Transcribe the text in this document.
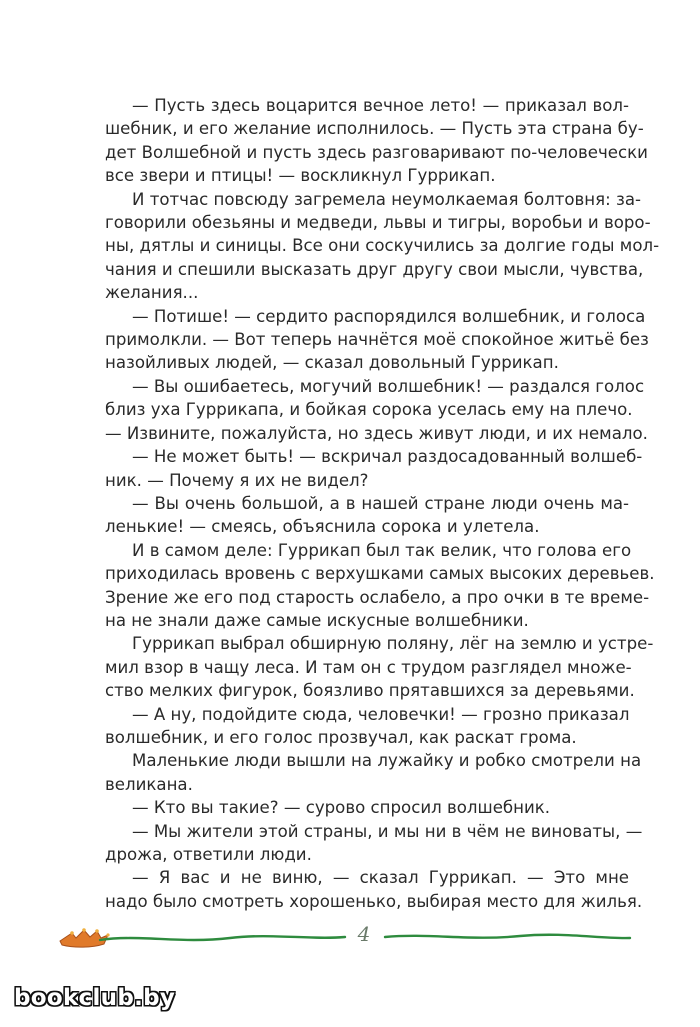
— Пусть здесь воцарится вечное лето! — приказал вол-
шебник, и его желание исполнилось. — Пусть эта страна бу-
дет Волшебной и пусть здесь разговаривают по-человечески
все звери и птицы! — воскликнул Гуррикап.

И тотчас повсюду загремела неумолкаемая болтовня: за-
говорили обезьяны и медведи, львы и тигры, воробьи и воро-
ны, дятлы и синицы. Все они соскучились за долгие годы мол-
чания и спешили высказать друг другу свои мысли, чувства,
желания...

— Потише! — сердито распорядился волшебник, и голоса
примолкли. — Вот теперь начнётся моё спокойное житьё без
назойливых людей, — сказал довольный Гуррикап.

— Вы ошибаетесь, могучий волшебник! — раздался голос
близ уха Гуррикапа, и бойкая сорока уселась ему на плечо.
— Извините, пожалуйста, но здесь живут люди, и их немало.

— Не может быть! — вскричал раздосадованный волшеб-
ник. — Почему я их не видел?

— Вы очень большой, а в нашей стране люди очень ма-
ленькие! — смеясь, объяснила сорока и улетела.

И в самом деле: Гуррикап был так велик, что голова его
приходилась вровень с верхушками самых высоких деревьев.
Зрение же его под старость ослабело, а про очки в те време-
на не знали даже самые искусные волшебники.

Гуррикап выбрал обширную поляну, лёг на землю и устре-
мил взор в чащу леса. И там он с трудом разглядел множе-
ство мелких фигурок, боязливо прятавшихся за деревьями.

— А ну, подойдите сюда, человечки! — грозно приказал
волшебник, и его голос прозвучал, как раскат грома.

Маленькие люди вышли на лужайку и робко смотрели на
великана.

— Кто вы такие? — сурово спросил волшебник.

— Мы жители этой страны, и мы ни в чём не виноваты, —
дрожа, ответили люди.

— Я вас и не виню, — сказал Гуррикап. — Это мне
надо было смотреть хорошенько, выбирая место для жилья.

4
bookclub.by
